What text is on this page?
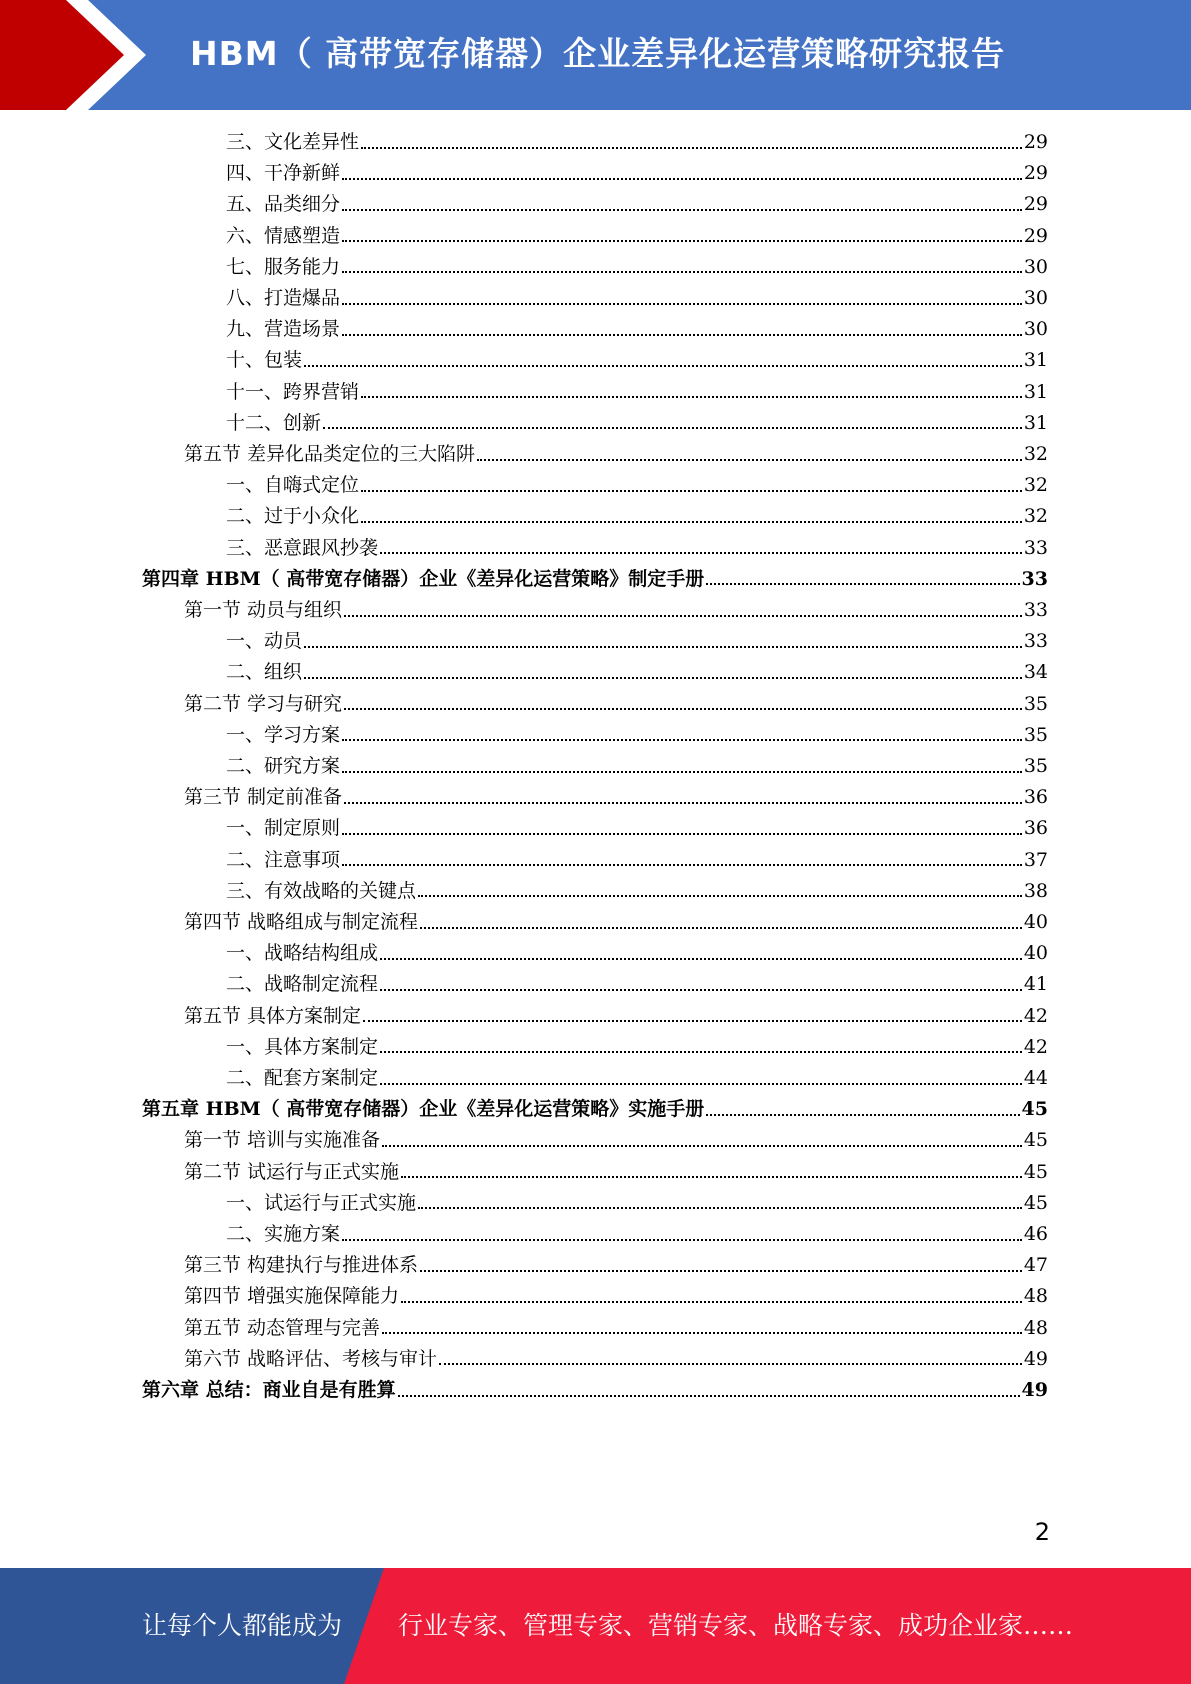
HBM（ 高带宽存储器）企业差异化运营策略研究报告
三、文化差异性	29
四、干净新鲜	29
五、品类细分	29
六、情感塑造	29
七、服务能力	30
八、打造爆品	30
九、营造场景	30
十、包装	31
十一、跨界营销	31
十二、创新	31
第五节 差异化品类定位的三大陷阱	32
一、自嗨式定位	32
二、过于小众化	32
三、恶意跟风抄袭	33
第四章 HBM（ 高带宽存储器）企业《差异化运营策略》制定手册	33
第一节 动员与组织	33
一、动员	33
二、组织	34
第二节 学习与研究	35
一、学习方案	35
二、研究方案	35
第三节 制定前准备	36
一、制定原则	36
二、注意事项	37
三、有效战略的关键点	38
第四节 战略组成与制定流程	40
一、战略结构组成	40
二、战略制定流程	41
第五节 具体方案制定	42
一、具体方案制定	42
二、配套方案制定	44
第五章 HBM（ 高带宽存储器）企业《差异化运营策略》实施手册	45
第一节 培训与实施准备	45
第二节 试运行与正式实施	45
一、试运行与正式实施	45
二、实施方案	46
第三节 构建执行与推进体系	47
第四节 增强实施保障能力	48
第五节 动态管理与完善	48
第六节 战略评估、考核与审计	49
第六章 总结：商业自是有胜算	49
2
让每个人都能成为 行业专家、管理专家、营销专家、战略专家、成功企业家……
